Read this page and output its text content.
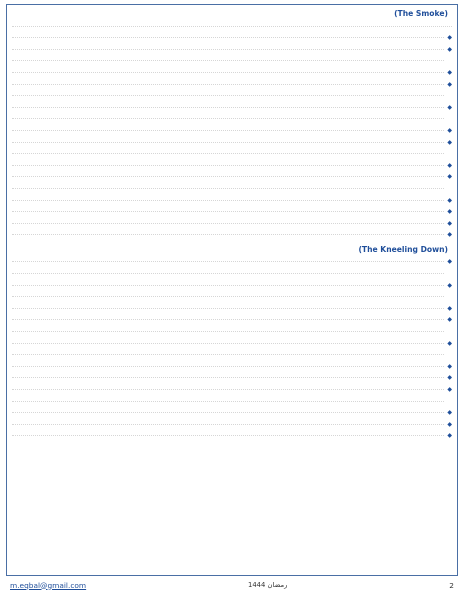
(The Smoke)
◆
◆
◆
◆
◆
◆
◆
◆
◆
◆
◆
◆
◆
(The Kneeling Down)
◆
◆
◆
◆
◆
◆
◆
◆
◆
◆
◆
m.eqbal@gmail.com	رمضان 1444	2
